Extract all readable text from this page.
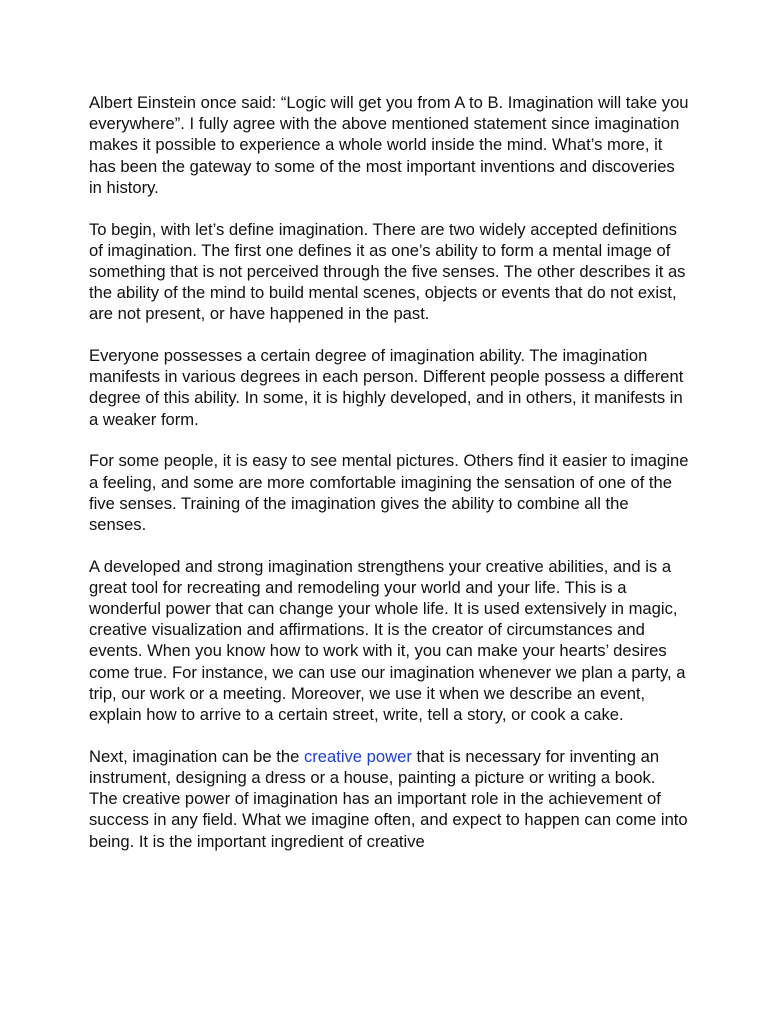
Albert Einstein once said: “Logic will get you from A to B. Imagination will take you everywhere”. I fully agree with the above mentioned statement since imagination makes it possible to experience a whole world inside the mind. What’s more, it has been the gateway to some of the most important inventions and discoveries in history.

To begin, with let’s define imagination. There are two widely accepted definitions of imagination. The first one defines it as one’s ability to form a mental image of something that is not perceived through the five senses. The other describes it as the ability of the mind to build mental scenes, objects or events that do not exist, are not present, or have happened in the past.

Everyone possesses a certain degree of imagination ability. The imagination manifests in various degrees in each person. Different people possess a different degree of this ability. In some, it is highly developed, and in others, it manifests in a weaker form.

For some people, it is easy to see mental pictures. Others find it easier to imagine a feeling, and some are more comfortable imagining the sensation of one of the five senses. Training of the imagination gives the ability to combine all the senses.

A developed and strong imagination strengthens your creative abilities, and is a great tool for recreating and remodeling your world and your life. This is a wonderful power that can change your whole life. It is used extensively in magic, creative visualization and affirmations. It is the creator of circumstances and events. When you know how to work with it, you can make your hearts’ desires come true. For instance, we can use our imagination whenever we plan a party, a trip, our work or a meeting. Moreover, we use it when we describe an event, explain how to arrive to a certain street, write, tell a story, or cook a cake.

Next, imagination can be the creative power that is necessary for inventing an instrument, designing a dress or a house, painting a picture or writing a book.

The creative power of imagination has an important role in the achievement of success in any field. What we imagine often, and expect to happen can come into being. It is the important ingredient of creative
